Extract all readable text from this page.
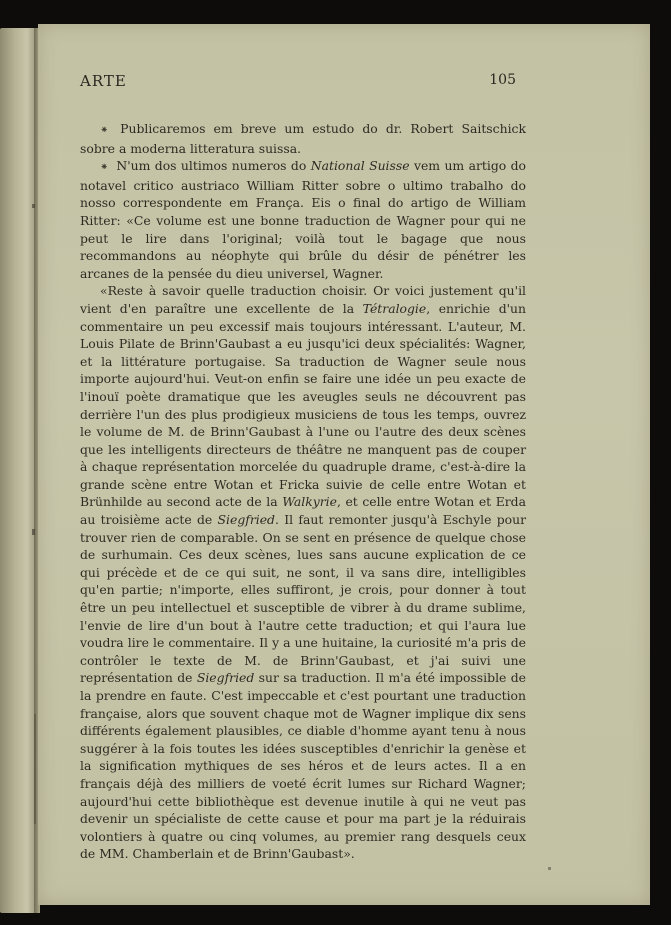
ARTE	105

⁕ Publicaremos em breve um estudo do dr. Robert Saitschick sobre a moderna litteratura suissa.

⁕ N'um dos ultimos numeros do National Suisse vem um artigo do notavel critico austriaco William Ritter sobre o ultimo trabalho do nosso correspondente em França. Eis o final do artigo de William Ritter: «Ce volume est une bonne traduction de Wagner pour qui ne peut le lire dans l'original; voilà tout le bagage que nous recommandons au néophyte qui brûle du désir de pénétrer les arcanes de la pensée du dieu universel, Wagner.

«Reste à savoir quelle traduction choisir. Or voici justement qu'il vient d'en paraître une excellente de la Tétralogie, enrichie d'un commentaire un peu excessif mais toujours intéressant. L'auteur, M. Louis Pilate de Brinn'Gaubast a eu jusqu'ici deux spécialités: Wagner, et la littérature portugaise. Sa traduction de Wagner seule nous importe aujourd'hui. Veut-on enfin se faire une idée un peu exacte de l'inouï poète dramatique que les aveugles seuls ne découvrent pas derrière l'un des plus prodigieux musiciens de tous les temps, ouvrez le volume de M. de Brinn'Gaubast à l'une ou l'autre des deux scènes que les intelligents directeurs de théâtre ne manquent pas de couper à chaque représentation morcelée du quadruple drame, c'est-à-dire la grande scène entre Wotan et Fricka suivie de celle entre Wotan et Brünhilde au second acte de la Walkyrie, et celle entre Wotan et Erda au troisième acte de Siegfried. Il faut remonter jusqu'à Eschyle pour trouver rien de comparable. On se sent en présence de quelque chose de surhumain. Ces deux scènes, lues sans aucune explication de ce qui précède et de ce qui suit, ne sont, il va sans dire, intelligibles qu'en partie; n'importe, elles suffiront, je crois, pour donner à tout être un peu intellectuel et susceptible de vibrer à du drame sublime, l'envie de lire d'un bout à l'autre cette traduction; et qui l'aura lue voudra lire le commentaire. Il y a une huitaine, la curiosité m'a pris de contrôler le texte de M. de Brinn'Gaubast, et j'ai suivi une représentation de Siegfried sur sa traduction. Il m'a été impossible de la prendre en faute. C'est impeccable et c'est pourtant une traduction française, alors que souvent chaque mot de Wagner implique dix sens différents également plausibles, ce diable d'homme ayant tenu à nous suggérer à la fois toutes les idées susceptibles d'enrichir la genèse et la signification mythiques de ses héros et de leurs actes. Il a en français déjà des milliers de voeté écrit lumes sur Richard Wagner; aujourd'hui cette bibliothèque est devenue inutile à qui ne veut pas devenir un spécialiste de cette cause et pour ma part je la réduirais volontiers à quatre ou cinq volumes, au premier rang desquels ceux de MM. Chamberlain et de Brinn'Gaubast».
